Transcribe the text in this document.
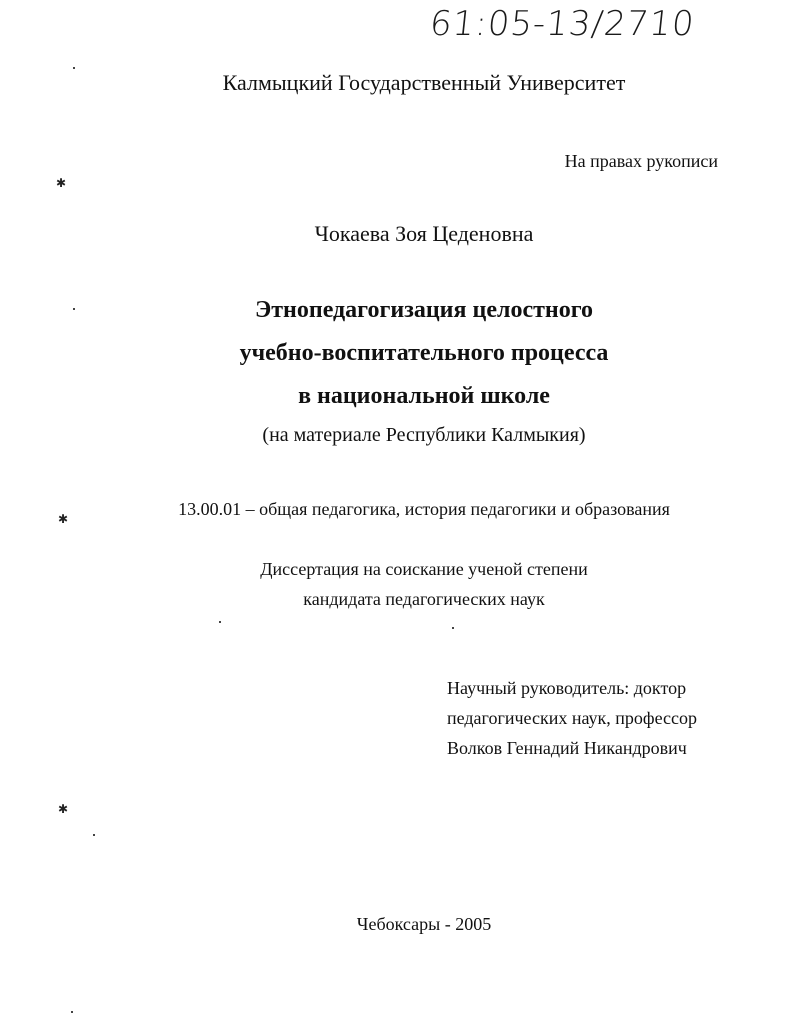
61:05-13/2710
Калмыцкий Государственный Университет
На правах рукописи
Чокаева Зоя Цеденовна
Этнопедагогизация целостного
учебно-воспитательного процесса
в национальной школе
(на материале Республики Калмыкия)
13.00.01 – общая педагогика, история педагогики и образования
Диссертация на соискание ученой степени
кандидата педагогических наук
Научный руководитель: доктор
педагогических наук, профессор
Волков Геннадий Никандрович
Чебоксары - 2005
✱
✱
✱
